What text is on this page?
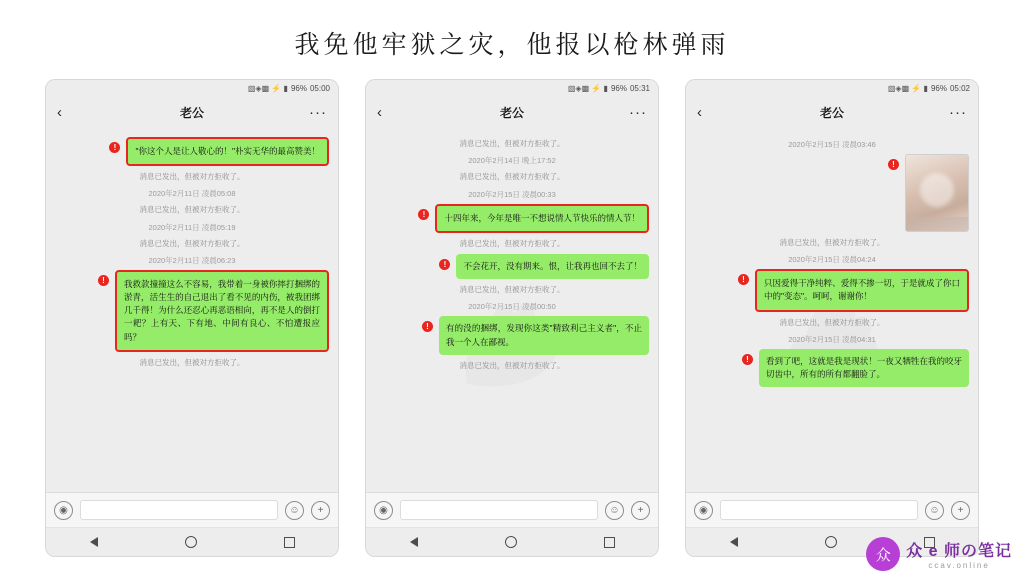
我免他牢狱之灾，他报以枪林弹雨
▧◈▩ ⚡ ▮ 96% 05:00
‹	老公	···
!	"你这个人是让人敬心的！"朴实无华的最高赞美！
消息已发出，但被对方拒收了。
2020年2月11日 凌晨05:08
消息已发出，但被对方拒收了。
2020年2月11日 凌晨05:19
消息已发出，但被对方拒收了。
2020年2月11日 凌晨06:23
!	我救款撞撞这么不容易，我带着一身被你摔打捆绑的淤青，活生生的自己退出了看不见的内伤，被我团绑几千得！为什么还忍心再恶语相向，再不是人的倒打一耙？上有天、下有地、中间有良心、不怕遭报应吗？
消息已发出，但被对方拒收了。
◉	☺	+
▧◈▩ ⚡ ▮ 96% 05:31
‹	老公	···
消息已发出，但被对方拒收了。
2020年2月14日 晚上17:52
消息已发出，但被对方拒收了。
2020年2月15日 凌晨00:33
!	十四年来，今年是唯一不想说情人节快乐的情人节！
消息已发出，但被对方拒收了。
!	不会花开，没有期来。恨，让我再也回不去了！
消息已发出，但被对方拒收了。
2020年2月15日 凌晨00:50
!	有的没的捆绑，发现你这类"精致利己主义者"，不止我一个人在鄙视。
消息已发出，但被对方拒收了。
◉	☺	+
▧◈▩ ⚡ ▮ 96% 05:02
‹	老公	···
2020年2月15日 凌晨03:46
!
消息已发出，但被对方拒收了。
2020年2月15日 凌晨04:24
!	只因爱得干净纯粹、爱得不掺一切，于是就成了你口中的"变态"。呵呵，谢谢你！
消息已发出，但被对方拒收了。
2020年2月15日 凌晨04:31
!	看到了吧，这就是我是现状！一夜又牺牲在我的咬牙切齿中，所有的所有都翻脸了。
◉	☺	+
众 众 e 师の笔记
ccav.online
